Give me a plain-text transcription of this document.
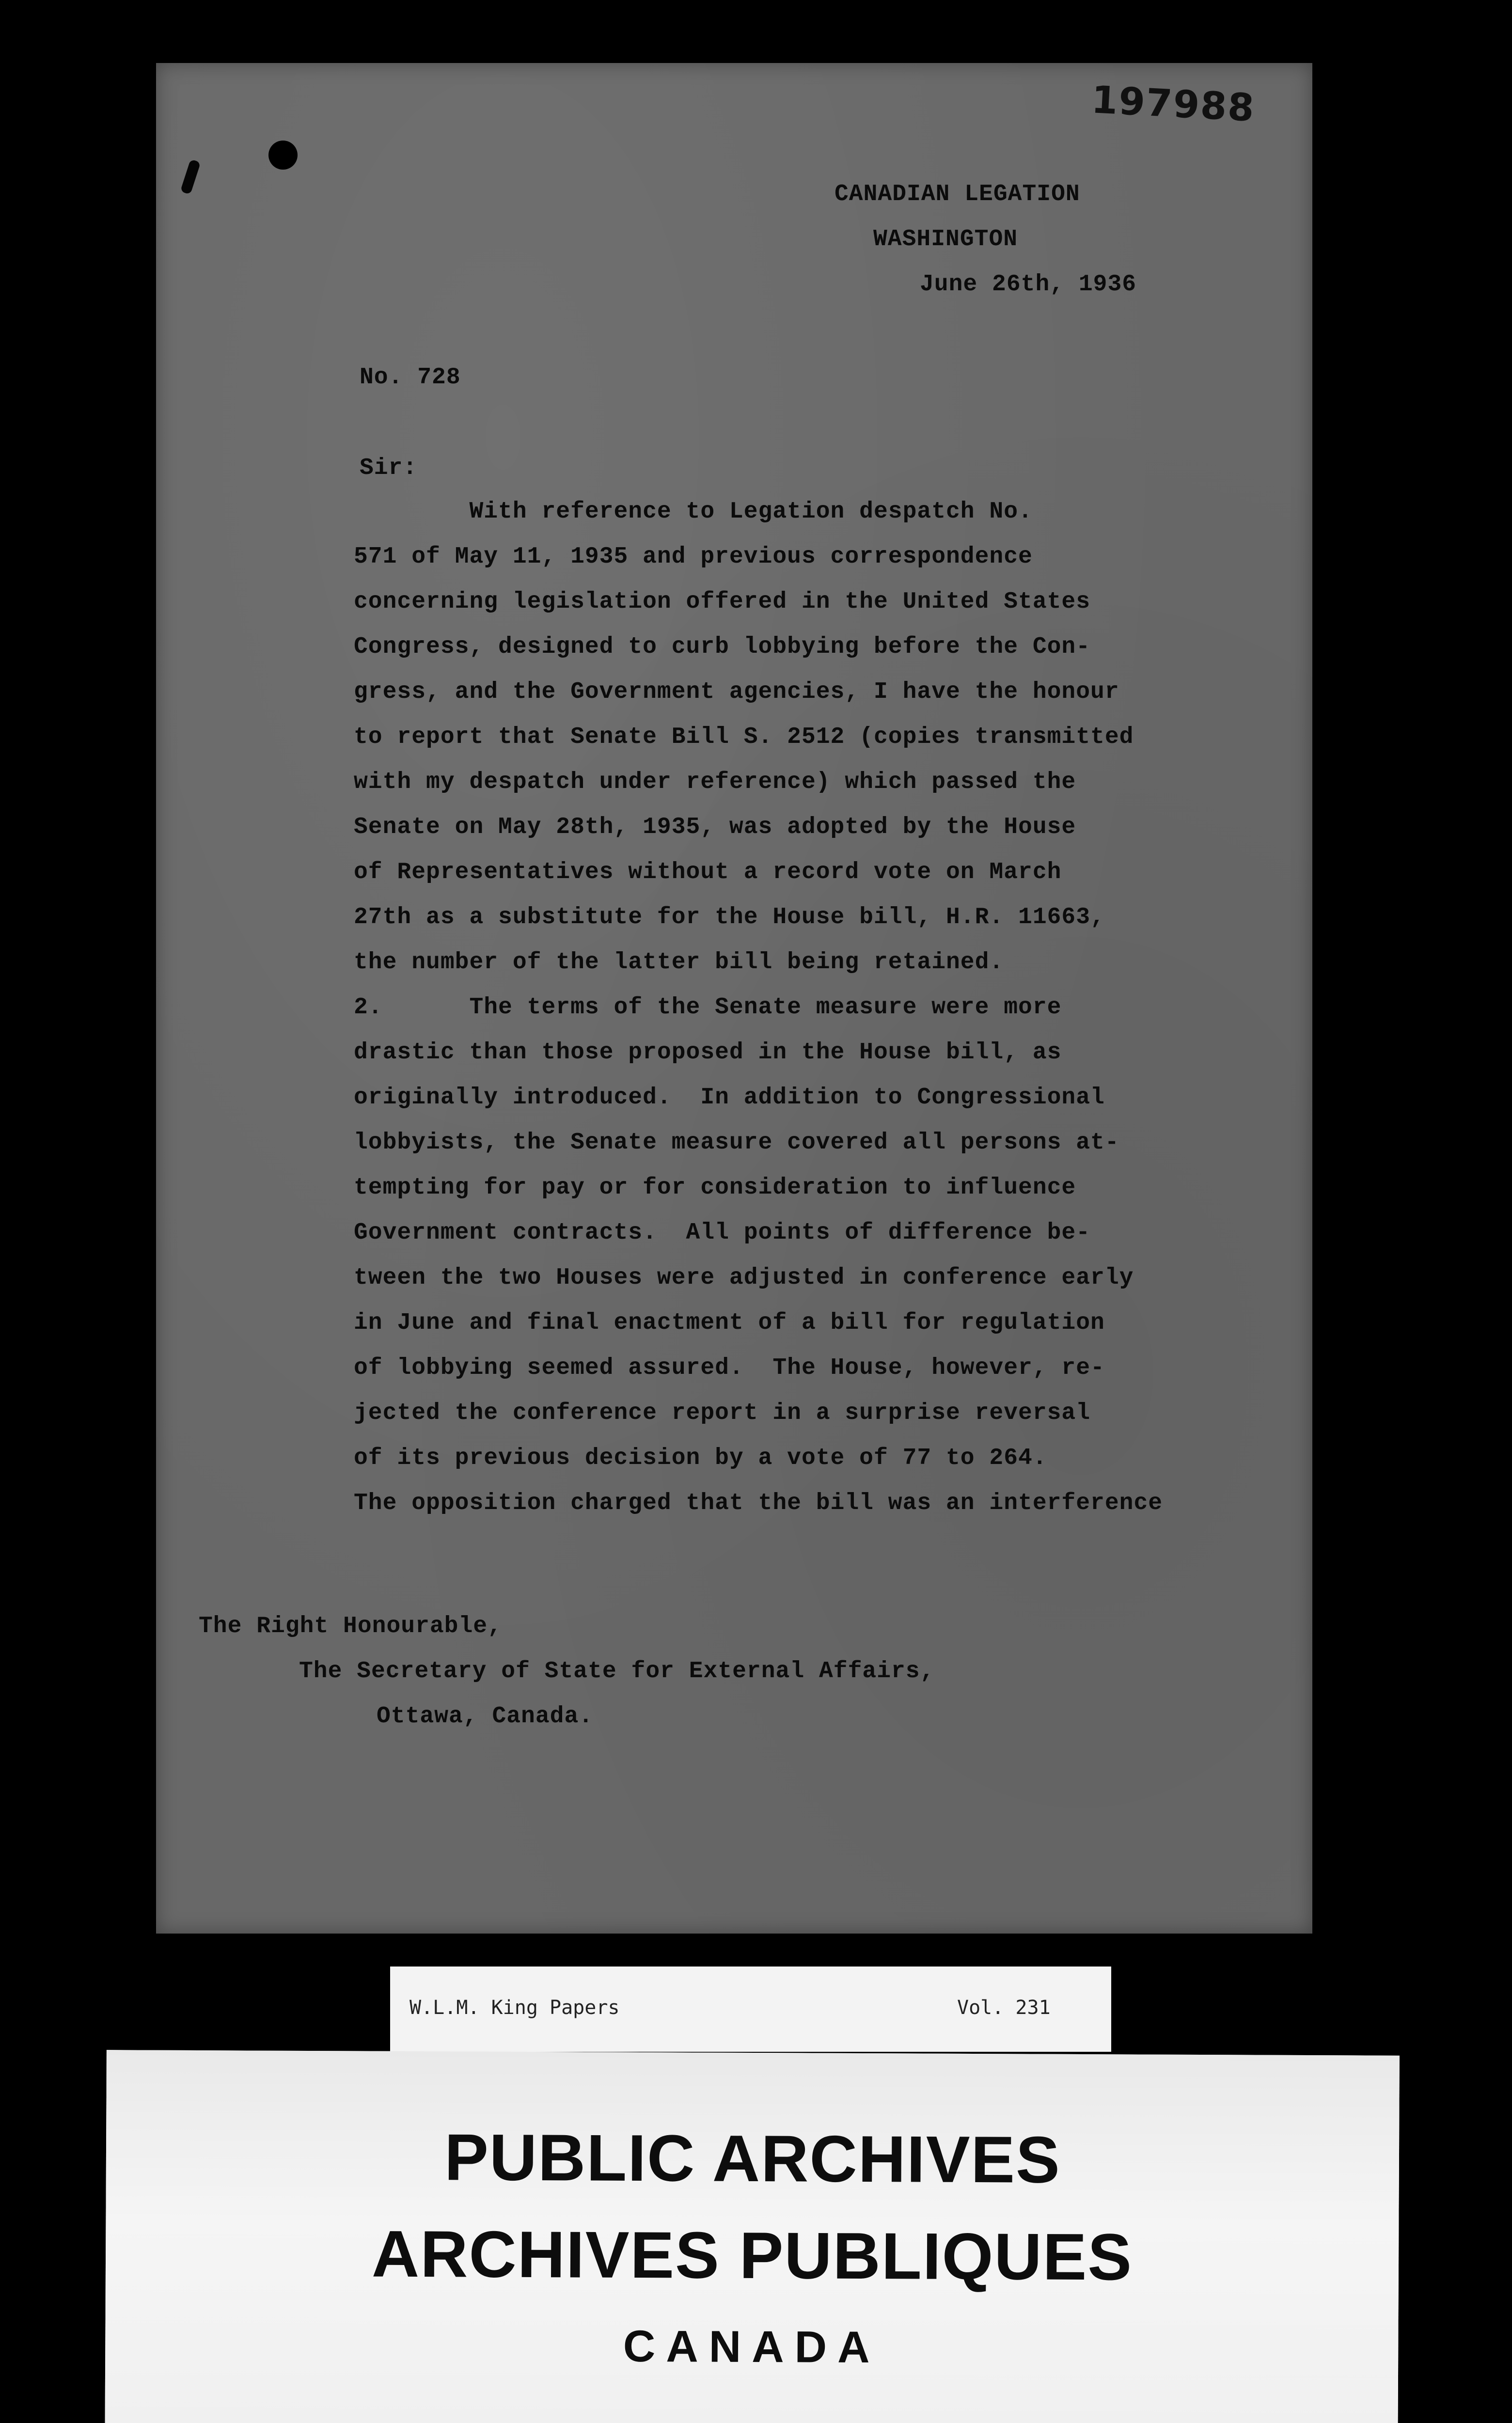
197988

CANADIAN LEGATION

WASHINGTON

June 26th, 1936

No. 728

Sir:

With reference to Legation despatch No.
571 of May 11, 1935 and previous correspondence
concerning legislation offered in the United States
Congress, designed to curb lobbying before the Con-
gress, and the Government agencies, I have the honour
to report that Senate Bill S. 2512 (copies transmitted
with my despatch under reference) which passed the
Senate on May 28th, 1935, was adopted by the House
of Representatives without a record vote on March
27th as a substitute for the House bill, H.R. 11663,
the number of the latter bill being retained.
2.      The terms of the Senate measure were more
drastic than those proposed in the House bill, as
originally introduced.  In addition to Congressional
lobbyists, the Senate measure covered all persons at-
tempting for pay or for consideration to influence
Government contracts.  All points of difference be-
tween the two Houses were adjusted in conference early
in June and final enactment of a bill for regulation
of lobbying seemed assured.  The House, however, re-
jected the conference report in a surprise reversal
of its previous decision by a vote of 77 to 264.
The opposition charged that the bill was an interference

The Right Honourable,

The Secretary of State for External Affairs,

Ottawa, Canada.

W.L.M. King Papers	Vol. 231
PUBLIC ARCHIVES
ARCHIVES PUBLIQUES
CANADA
